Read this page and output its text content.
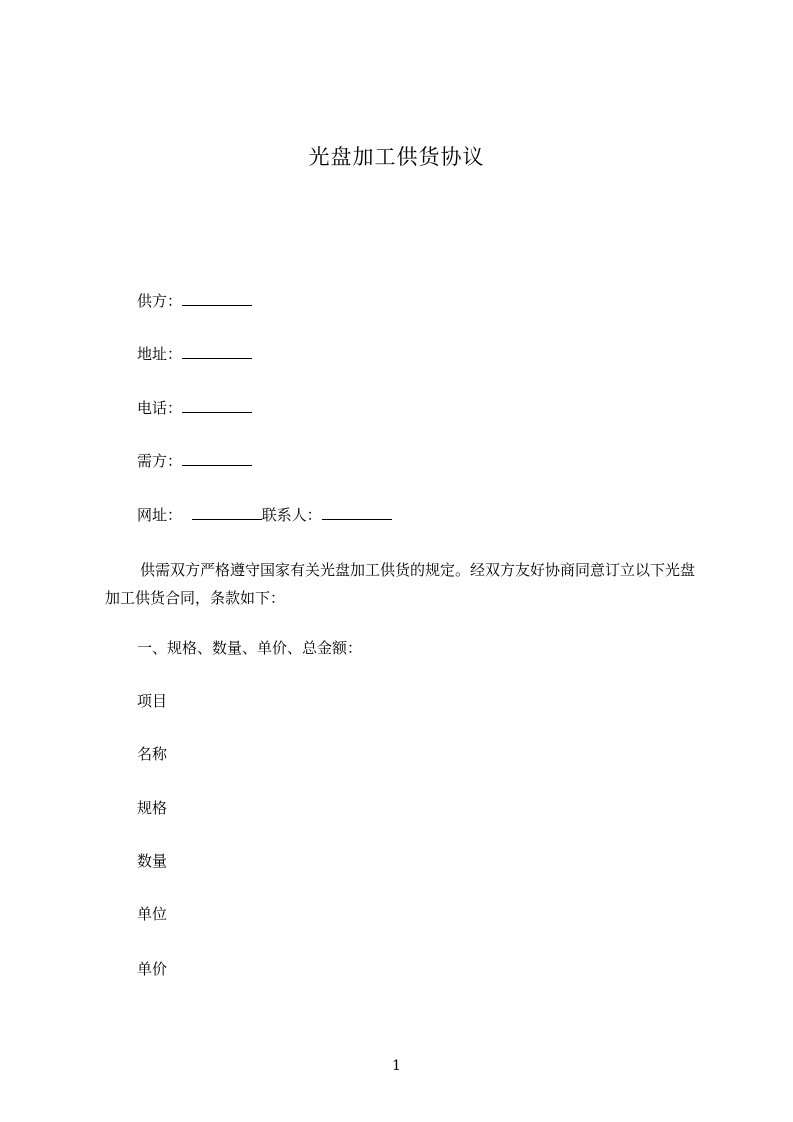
光盘加工供货协议
供方：
地址：
电话：
需方：
网址：	联系人：
供需双方严格遵守国家有关光盘加工供货的规定。经双方友好协商同意订立以下光盘加工供货合同，条款如下：
一、规格、数量、单价、总金额：
项目
名称
规格
数量
单位
单价
1
